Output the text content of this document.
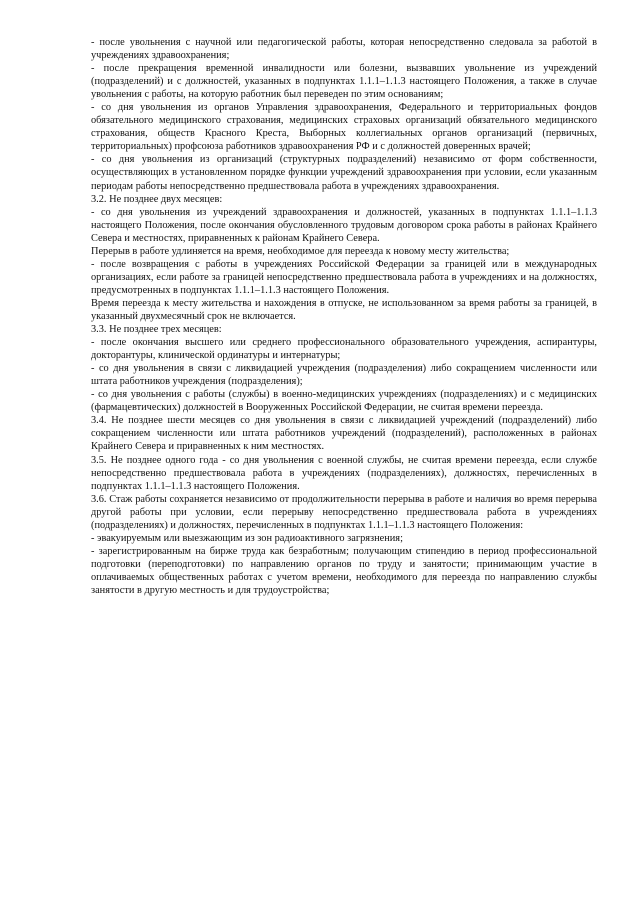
- после увольнения с научной или педагогической работы, которая непосредственно следовала за работой в учреждениях здравоохранения;

- после прекращения временной инвалидности или болезни, вызвавших увольнение из учреждений (подразделений) и с должностей, указанных в подпунктах 1.1.1–1.1.3 настоящего Положения, а также в случае увольнения с работы, на которую работник был переведен по этим основаниям;

- со дня увольнения из органов Управления здравоохранения, Федерального и территориальных фондов обязательного медицинского страхования, медицинских страховых организаций обязательного медицинского страхования, обществ Красного Креста, Выборных коллегиальных органов организаций (первичных, территориальных) профсоюза работников здравоохранения РФ и с должностей доверенных врачей;

- со дня увольнения из организаций (структурных подразделений) независимо от форм собственности, осуществляющих в установленном порядке функции учреждений здравоохранения при условии, если указанным периодам работы непосредственно предшествовала работа в учреждениях здравоохранения.

3.2. Не позднее двух месяцев:

- со дня увольнения из учреждений здравоохранения и должностей, указанных в подпунктах 1.1.1–1.1.3 настоящего Положения, после окончания обусловленного трудовым договором срока работы в районах Крайнего Севера и местностях, приравненных к районам Крайнего Севера.

Перерыв в работе удлиняется на время, необходимое для переезда к новому месту жительства;

- после возвращения с работы в учреждениях Российской Федерации за границей или в международных организациях, если работе за границей непосредственно предшествовала работа в учреждениях и на должностях, предусмотренных в подпунктах 1.1.1–1.1.3 настоящего Положения.

Время переезда к месту жительства и нахождения в отпуске, не использованном за время работы за границей, в указанный двухмесячный срок не включается.

3.3. Не позднее трех месяцев:

- после окончания высшего или среднего профессионального образовательного учреждения, аспирантуры, докторантуры, клинической ординатуры и интернатуры;

- со дня увольнения в связи с ликвидацией учреждения (подразделения) либо сокращением численности или штата работников учреждения (подразделения);

- со дня увольнения с работы (службы) в военно-медицинских учреждениях (подразделениях) и с медицинских (фармацевтических) должностей в Вооруженных Российской Федерации, не считая времени переезда.

3.4. Не позднее шести месяцев со дня увольнения в связи с ликвидацией учреждений (подразделений) либо сокращением численности или штата работников учреждений (подразделений), расположенных в районах Крайнего Севера и приравненных к ним местностях.

3.5. Не позднее одного года - со дня увольнения с военной службы, не считая времени переезда, если службе непосредственно предшествовала работа в учреждениях (подразделениях), должностях, перечисленных в подпунктах 1.1.1–1.1.3 настоящего Положения.

3.6. Стаж работы сохраняется независимо от продолжительности перерыва в работе и наличия во время перерыва другой работы при условии, если перерыву непосредственно предшествовала работа в учреждениях (подразделениях) и должностях, перечисленных в подпунктах 1.1.1–1.1.3 настоящего Положения:

- эвакуируемым или выезжающим из зон радиоактивного загрязнения;

- зарегистрированным на бирже труда как безработным; получающим стипендию в период профессиональной подготовки (переподготовки) по направлению органов по труду и занятости; принимающим участие в оплачиваемых общественных работах с учетом времени, необходимого для переезда по направлению службы занятости в другую местность и для трудоустройства;
